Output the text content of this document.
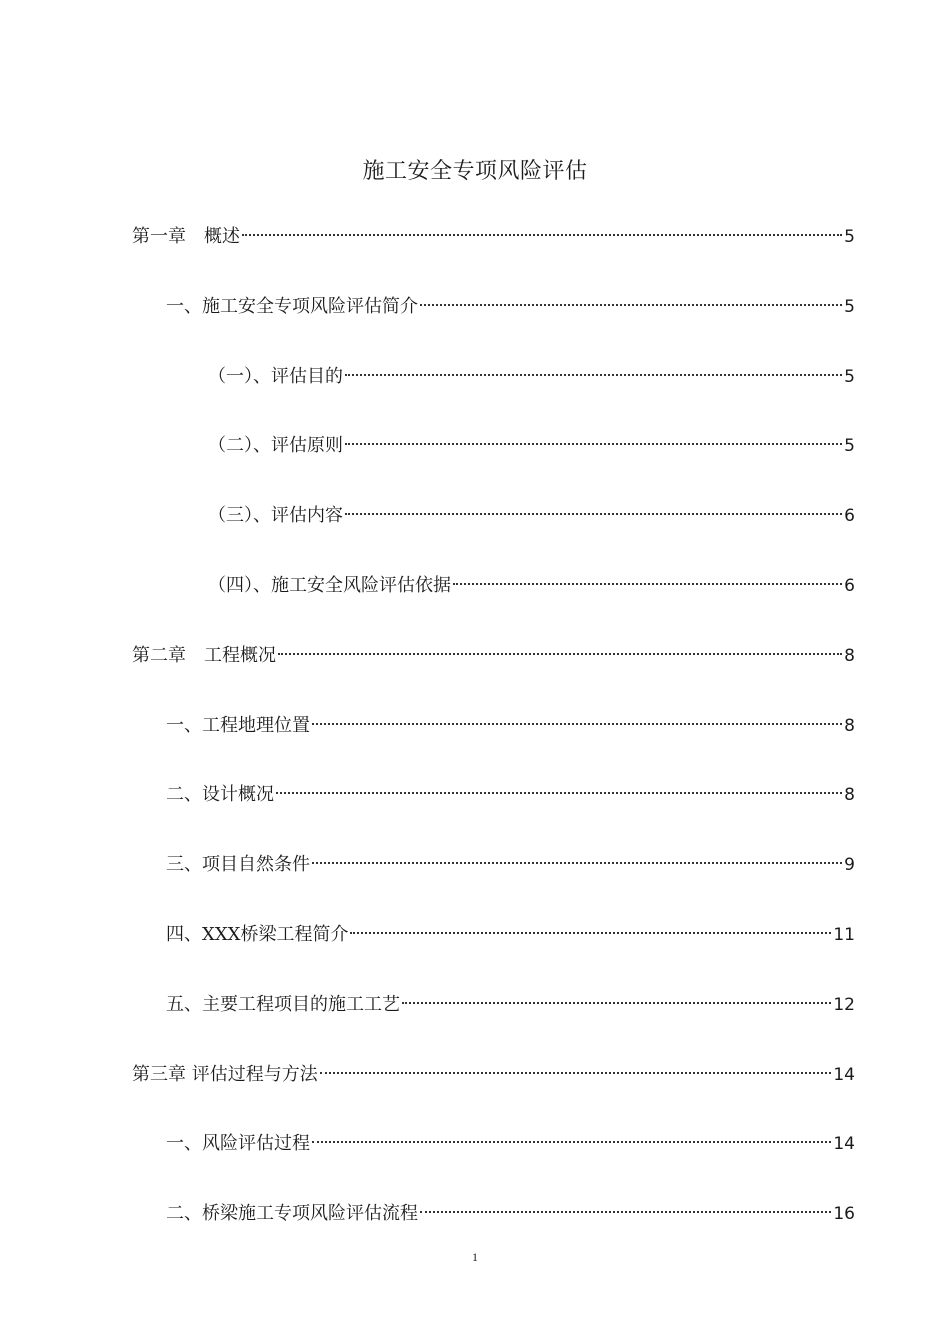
施工安全专项风险评估
第一章　概述	5
一、施工安全专项风险评估简介	5
（一）、评估目的	5
（二）、评估原则	5
（三）、评估内容	6
（四）、施工安全风险评估依据	6
第二章　工程概况	8
一、工程地理位置	8
二、设计概况	8
三、项目自然条件	9
四、XXX桥梁工程简介	11
五、主要工程项目的施工工艺	12
第三章 评估过程与方法	14
一、风险评估过程	14
二、桥梁施工专项风险评估流程	16
1
